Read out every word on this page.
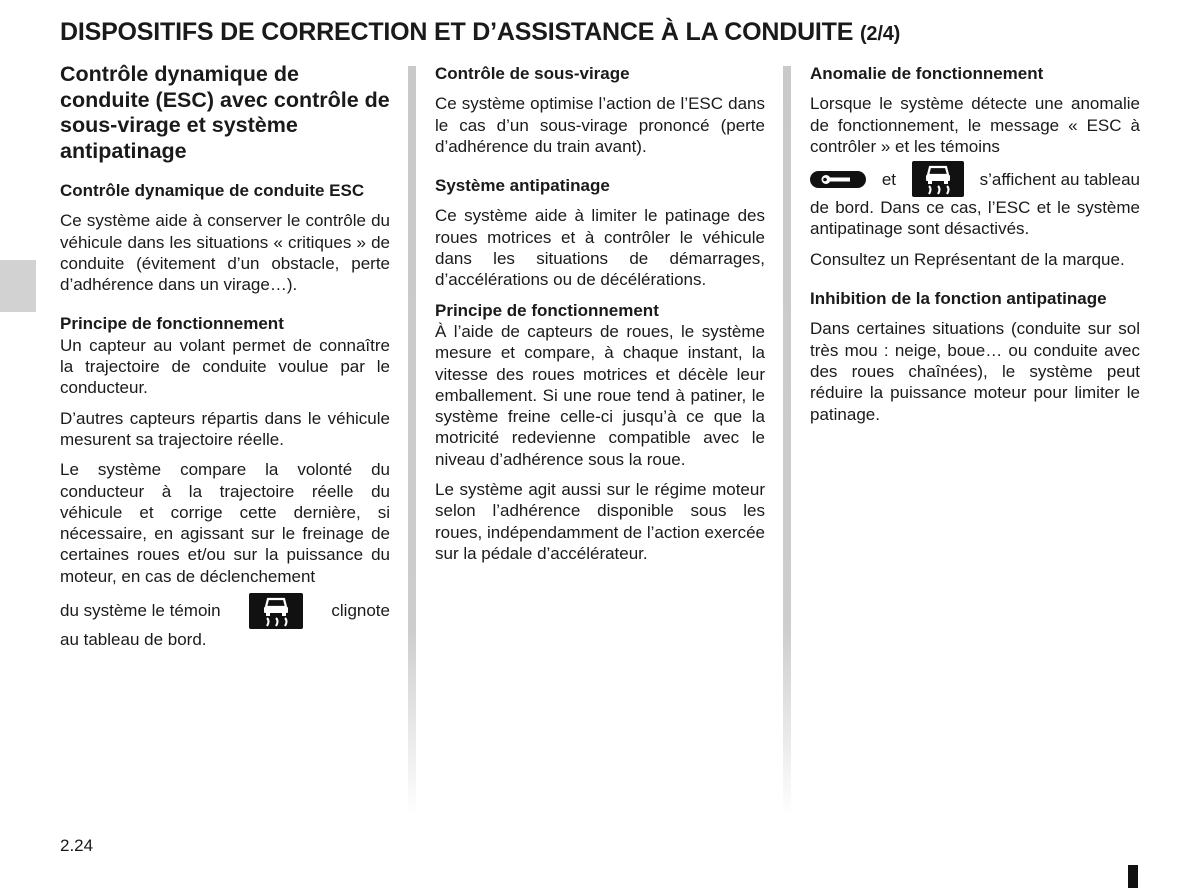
DISPOSITIFS DE CORRECTION ET D’ASSISTANCE À LA CONDUITE (2/4)
Contrôle dynamique de conduite (ESC) avec contrôle de sous-virage et système antipatinage
Contrôle dynamique de conduite ESC

Ce système aide à conserver le contrôle du véhicule dans les situations « critiques » de conduite (évitement d’un obstacle, perte d’adhérence dans un virage…).

Principe de fonctionnement

Un capteur au volant permet de connaître la trajectoire de conduite voulue par le conducteur.

D’autres capteurs répartis dans le véhicule mesurent sa trajectoire réelle.

Le système compare la volonté du conducteur à la trajectoire réelle du véhicule et corrige cette dernière, si nécessaire, en agissant sur le freinage de certaines roues et/ou sur la puissance du moteur, en cas de déclenchement

du système le témoin	clignote

au tableau de bord.

Contrôle de sous-virage

Ce système optimise l’action de l’ESC dans le cas d’un sous-virage prononcé (perte d’adhérence du train avant).

Système antipatinage

Ce système aide à limiter le patinage des roues motrices et à contrôler le véhicule dans les situations de démarrages, d’accélérations ou de décélérations.

Principe de fonctionnement

À l’aide de capteurs de roues, le système mesure et compare, à chaque instant, la vitesse des roues motrices et décèle leur emballement. Si une roue tend à patiner, le système freine celle-ci jusqu’à ce que la motricité redevienne compatible avec le niveau d’adhérence sous la roue.

Le système agit aussi sur le régime moteur selon l’adhérence disponible sous les roues, indépendamment de l’action exercée sur la pédale d’accélérateur.

Anomalie de fonctionnement

Lorsque le système détecte une anomalie de fonctionnement, le message « ESC à contrôler » et les témoins

et	s’affichent au tableau

de bord. Dans ce cas, l’ESC et le système antipatinage sont désactivés.

Consultez un Représentant de la marque.

Inhibition de la fonction antipatinage

Dans certaines situations (conduite sur sol très mou : neige, boue… ou conduite avec des roues chaînées), le système peut réduire la puissance moteur pour limiter le patinage.

2.24
